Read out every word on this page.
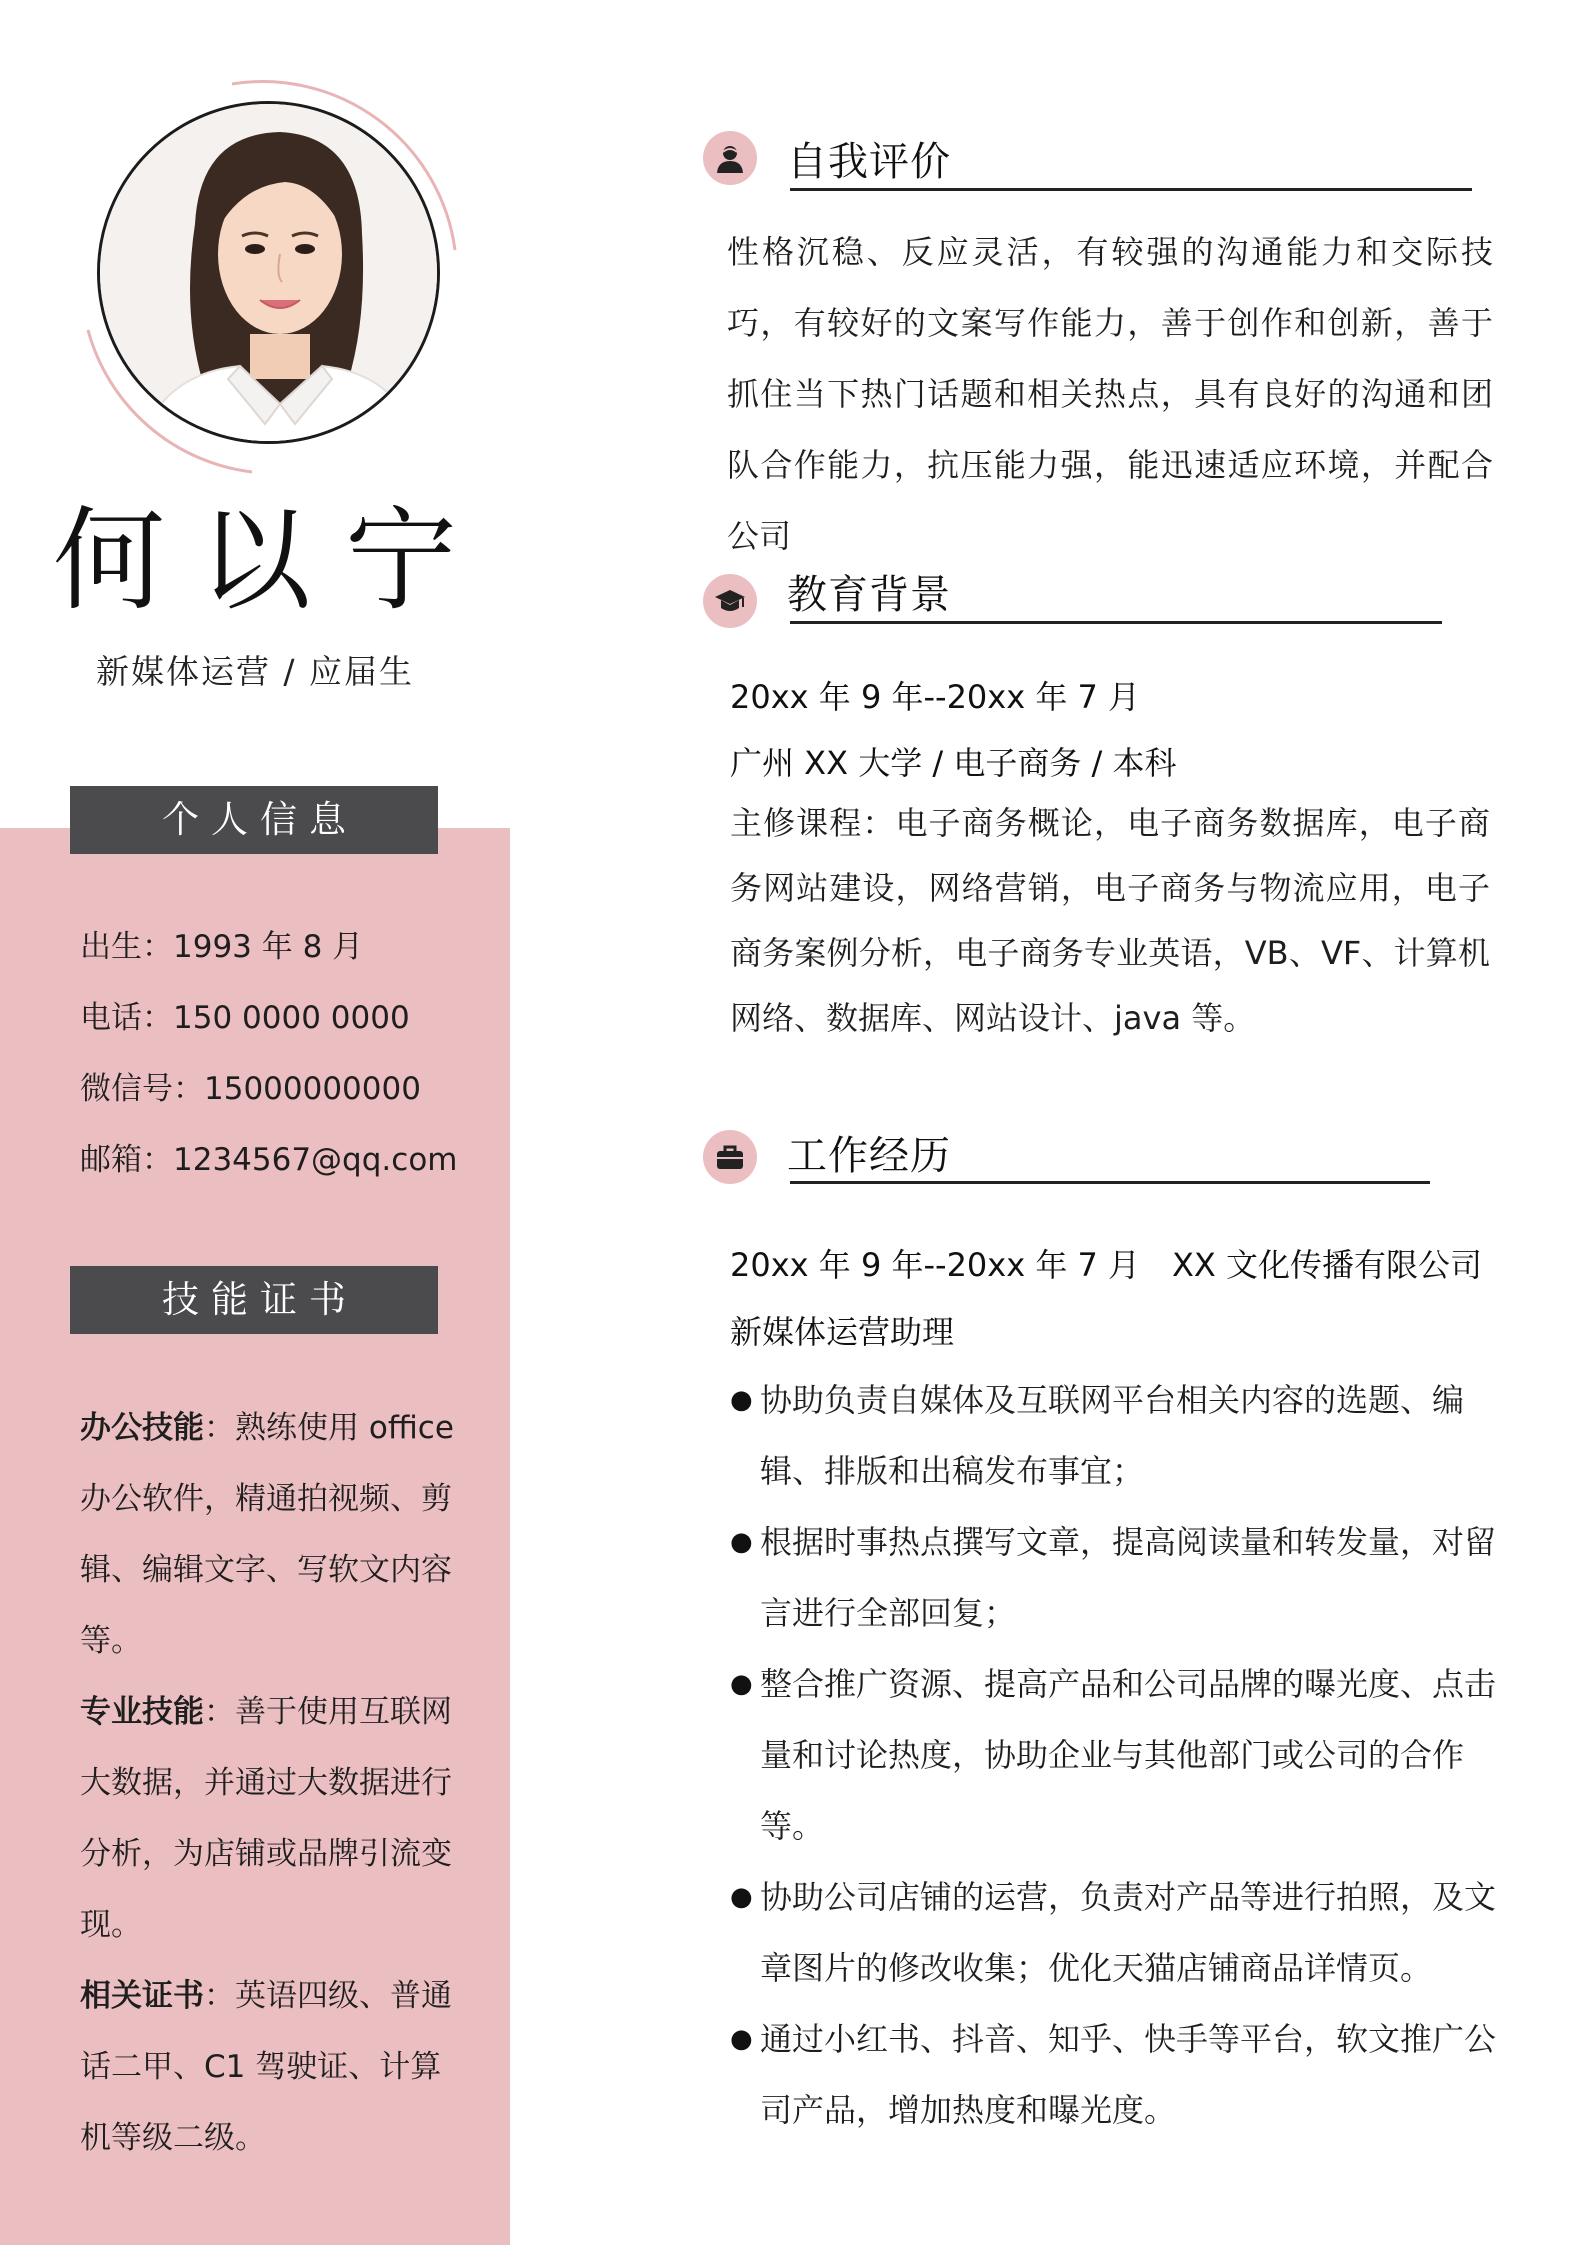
何以宁
新媒体运营 / 应届生
个人信息
出生：1993 年 8 月
电话：150 0000 0000
微信号：15000000000
邮箱：1234567@qq.com
技能证书

办公技能：熟练使用 office 办公软件，精通拍视频、剪辑、编辑文字、写软文内容等。

专业技能：善于使用互联网大数据，并通过大数据进行分析，为店铺或品牌引流变现。

相关证书：英语四级、普通话二甲、C1 驾驶证、计算机等级二级。

自我评价
性格沉稳、反应灵活，有较强的沟通能力和交际技巧，有较好的文案写作能力，善于创作和创新，善于抓住当下热门话题和相关热点，具有良好的沟通和团队合作能力，抗压能力强，能迅速适应环境，并配合公司
教育背景
20xx 年 9 年--20xx 年 7 月
广州 XX 大学 / 电子商务 / 本科
主修课程：电子商务概论，电子商务数据库，电子商务网站建设，网络营销，电子商务与物流应用，电子商务案例分析，电子商务专业英语，VB、VF、计算机网络、数据库、网站设计、java 等。
工作经历
20xx 年 9 年--20xx 年 7 月 XX 文化传播有限公司
新媒体运营助理
● 协助负责自媒体及互联网平台相关内容的选题、编辑、排版和出稿发布事宜；
● 根据时事热点撰写文章，提高阅读量和转发量，对留言进行全部回复；
● 整合推广资源、提高产品和公司品牌的曝光度、点击量和讨论热度，协助企业与其他部门或公司的合作等。
● 协助公司店铺的运营，负责对产品等进行拍照，及文章图片的修改收集；优化天猫店铺商品详情页。
● 通过小红书、抖音、知乎、快手等平台，软文推广公司产品，增加热度和曝光度。
